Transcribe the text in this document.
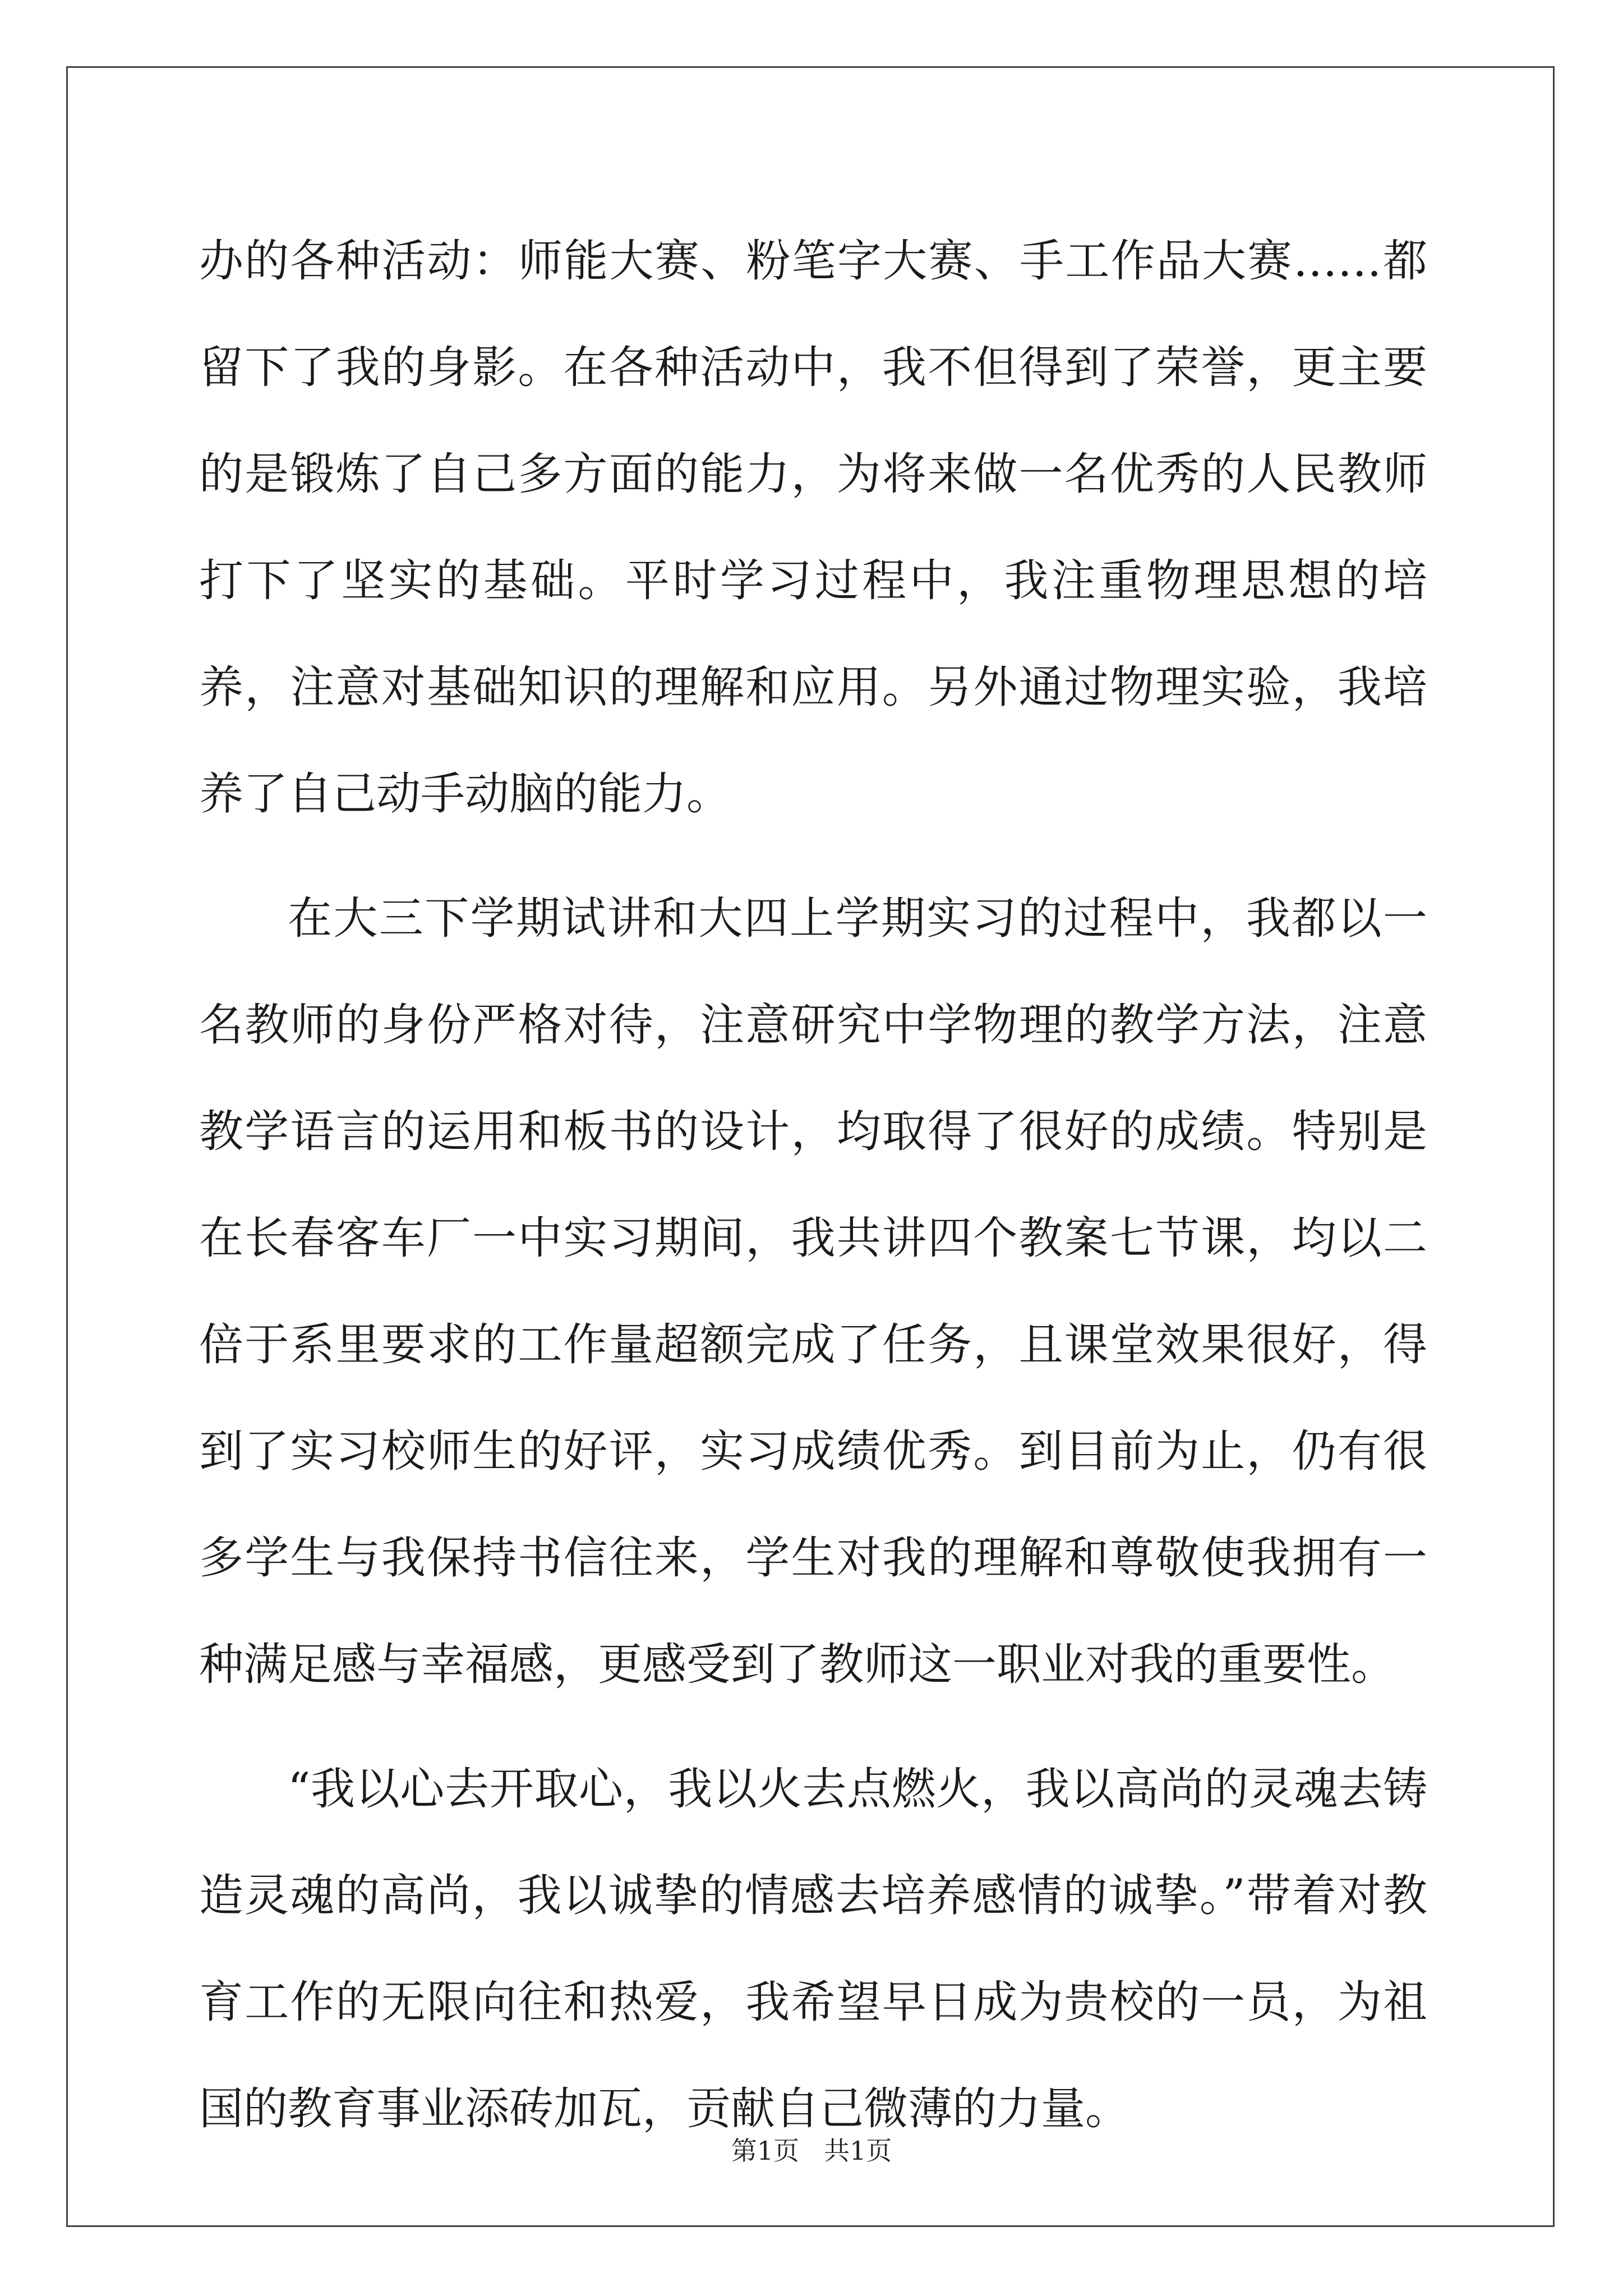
办的各种活动：师能大赛、粉笔字大赛、手工作品大赛……都留下了我的身影。在各种活动中，我不但得到了荣誉，更主要的是锻炼了自己多方面的能力，为将来做一名优秀的人民教师打下了坚实的基础。平时学习过程中，我注重物理思想的培养，注意对基础知识的理解和应用。另外通过物理实验，我培养了自己动手动脑的能力。

在大三下学期试讲和大四上学期实习的过程中，我都以一名教师的身份严格对待，注意研究中学物理的教学方法，注意教学语言的运用和板书的设计，均取得了很好的成绩。特别是在长春客车厂一中实习期间，我共讲四个教案七节课，均以二倍于系里要求的工作量超额完成了任务，且课堂效果很好，得到了实习校师生的好评，实习成绩优秀。到目前为止，仍有很多学生与我保持书信往来，学生对我的理解和尊敬使我拥有一种满足感与幸福感，更感受到了教师这一职业对我的重要性。

“我以心去开取心，我以火去点燃火，我以高尚的灵魂去铸造灵魂的高尚，我以诚挚的情感去培养感情的诚挚。”带着对教育工作的无限向往和热爱，我希望早日成为贵校的一员，为祖国的教育事业添砖加瓦，贡献自己微薄的力量。

第1页 共1页
